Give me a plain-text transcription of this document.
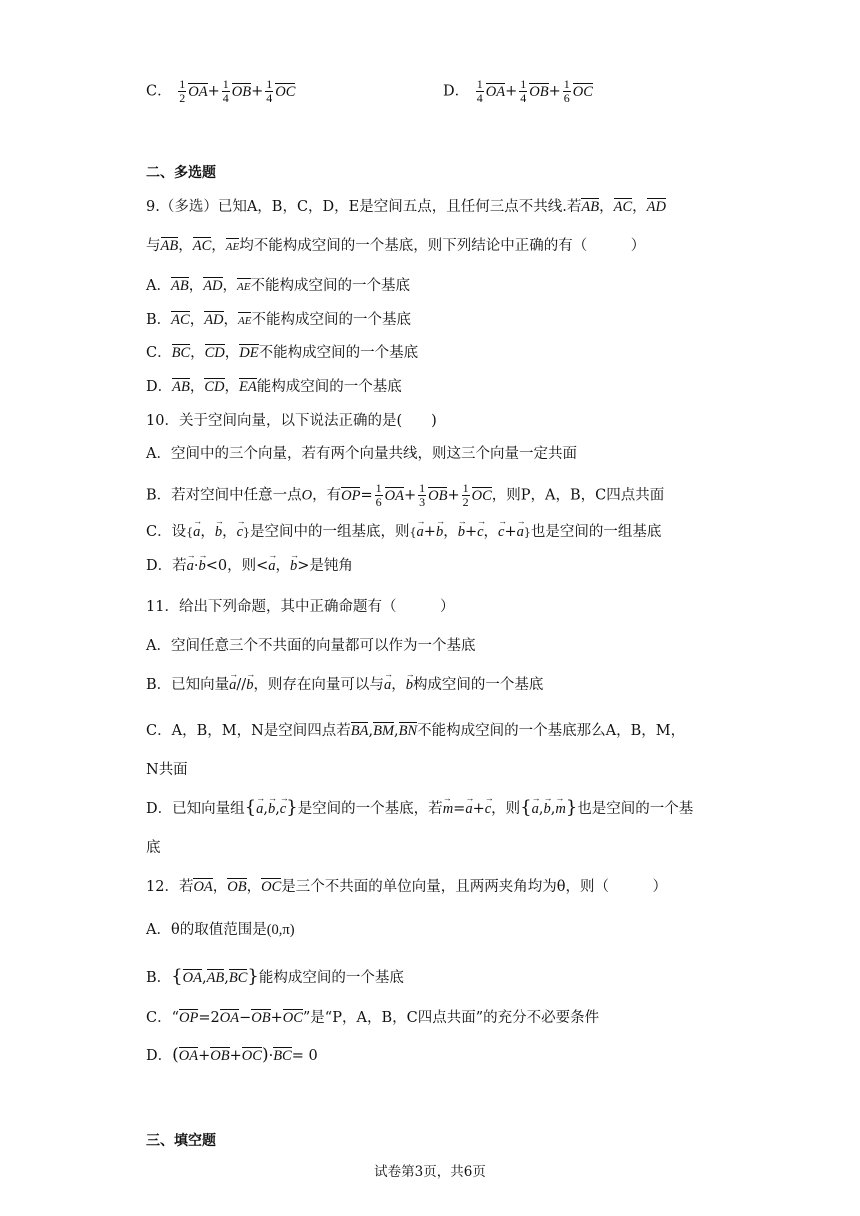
C． $\frac{1}{2} OA+ \frac{1}{4} OB+ \frac{1}{4}$ OC	D． $\frac{1}{4} OA+ \frac{1}{4} OB+ \frac{1}{6}$ OC
二、多选题
9.（多选）已知A，B，C，D，E是空间五点，且任何三点不共线.若AB，AC，AD
与AB，AC，AE均不能构成空间的一个基底，则下列结论中正确的有（　　　）
A．AB，AD，AE不能构成空间的一个基底
B．AC，AD，AE不能构成空间的一个基底
C．BC，CD，DE不能构成空间的一个基底
D．AB，CD，EA能构成空间的一个基底
10．关于空间向量，以下说法正确的是(　　)
A．空间中的三个向量，若有两个向量共线，则这三个向量一定共面
B．若对空间中任意一点O，有$OP= \frac{1}{6} OA+ \frac{1}{3} OB+ \frac{1}{2}$ OC，则P，A，B，C四点共面
C．设{→ a，→ b，→ c}是空间中的一组基底，则{→ a+→ b，→ b+→ c，→ c+→ a}也是空间的一组基底
D．若→ a·→ b<0，则<→ a，→ b>是钝角
11．给出下列命题，其中正确命题有（　　　）
A．空间任意三个不共面的向量都可以作为一个基底
B．已知向量→ a//→ b，则存在向量可以与→ a，→ b构成空间的一个基底
C．A，B，M，N是空间四点若BA,BM,BN不能构成空间的一个基底那么A，B，M，
N共面
D．已知向量组{→ a,→ b,→ c}是空间的一个基底，若→ m=→ a+→ c，则{→ a,→ b,→ m}也是空间的一个基
底
12．若OA，OB，OC是三个不共面的单位向量，且两两夹角均为θ，则（　　　）
A．θ的取值范围是(0,π)
B．{OA,AB,BC}能构成空间的一个基底
C．“OP=2OA−OB+OC”是“P，A，B，C四点共面”的充分不必要条件
D．(OA+OB+OC)·BC= 0
三、填空题
试卷第3页，共6页
